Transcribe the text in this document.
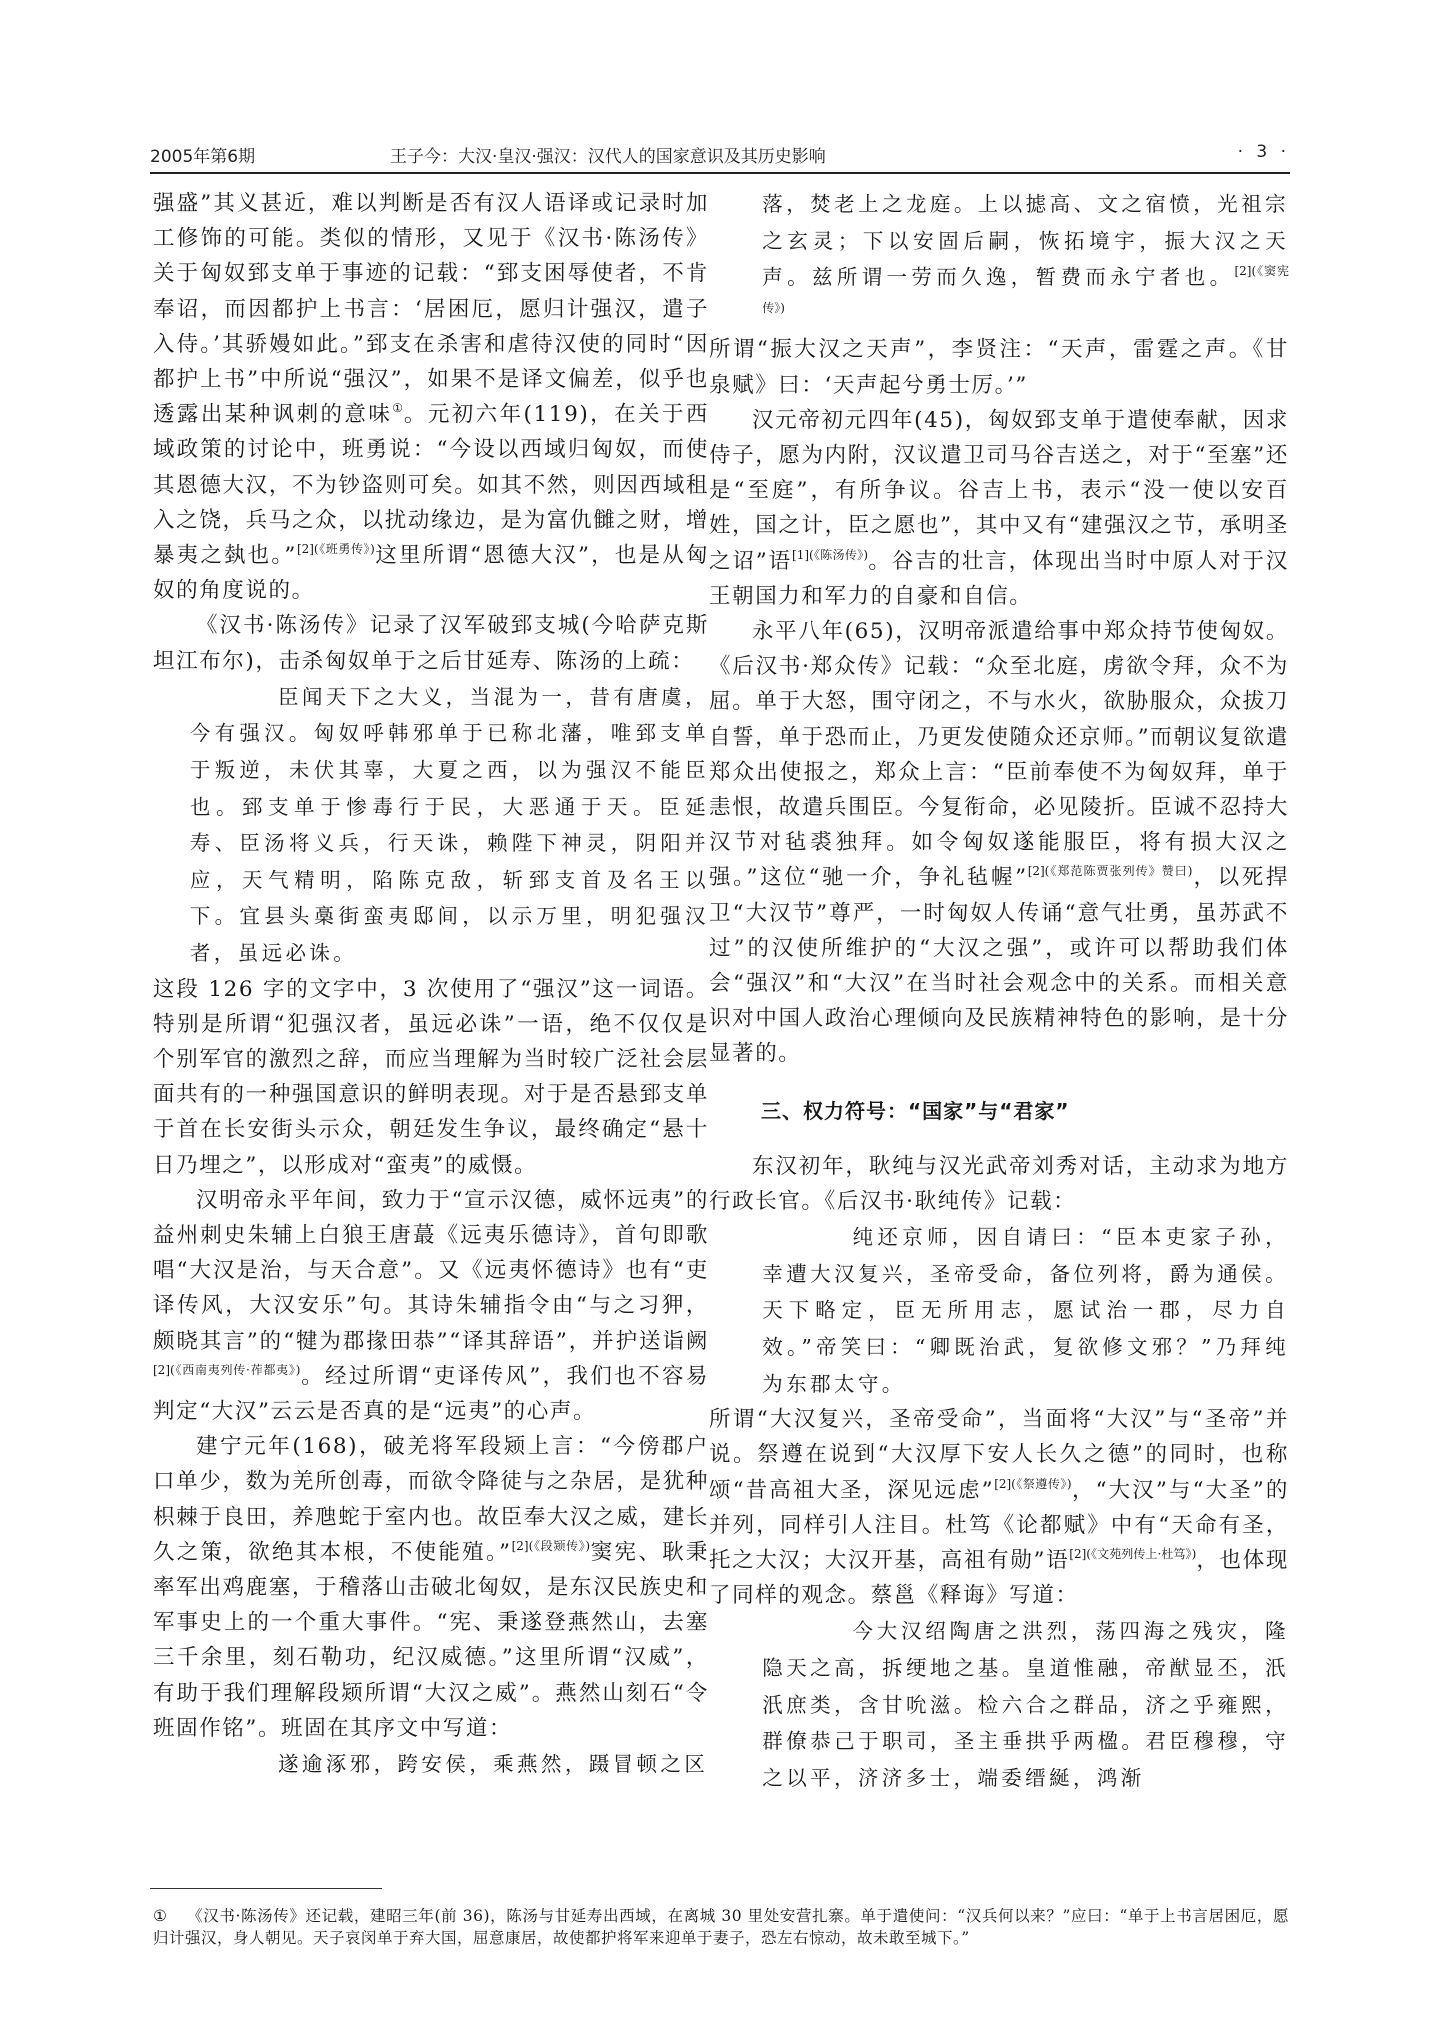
2005年第6期	王子今：大汉·皇汉·强汉：汉代人的国家意识及其历史影响	· 3 ·

强盛”其义甚近，难以判断是否有汉人语译或记录时加工修饰的可能。类似的情形，又见于《汉书·陈汤传》关于匈奴郅支单于事迹的记载：“郅支困辱使者，不肯奉诏，而因都护上书言：‘居困厄，愿归计强汉，遣子入侍。’其骄嫚如此。”郅支在杀害和虐待汉使的同时“因都护上书”中所说“强汉”，如果不是译文偏差，似乎也透露出某种讽刺的意味①。元初六年(119)，在关于西域政策的讨论中，班勇说：“今设以西域归匈奴，而使其恩德大汉，不为钞盗则可矣。如其不然，则因西域租入之饶，兵马之众，以扰动缘边，是为富仇雠之财，增暴夷之埶也。”$^{[2](《班勇传》)}$这里所谓“恩德大汉”，也是从匈奴的角度说的。

《汉书·陈汤传》记录了汉军破郅支城(今哈萨克斯坦江布尔)，击杀匈奴单于之后甘延寿、陈汤的上疏：

臣闻天下之大义，当混为一，昔有唐虞，今有强汉。匈奴呼韩邪单于已称北藩，唯郅支单于叛逆，未伏其辜，大夏之西，以为强汉不能臣也。郅支单于惨毒行于民，大恶通于天。臣延寿、臣汤将义兵，行天诛，赖陛下神灵，阴阳并应，天气精明，陷陈克敌，斩郅支首及名王以下。宜县头槀街蛮夷邸间，以示万里，明犯强汉者，虽远必诛。

这段 126 字的文字中，3 次使用了“强汉”这一词语。特别是所谓“犯强汉者，虽远必诛”一语，绝不仅仅是个别军官的激烈之辞，而应当理解为当时较广泛社会层面共有的一种强国意识的鲜明表现。对于是否悬郅支单于首在长安街头示众，朝廷发生争议，最终确定“悬十日乃埋之”，以形成对“蛮夷”的威慑。

汉明帝永平年间，致力于“宣示汉德，威怀远夷”的益州刺史朱辅上白狼王唐蕞《远夷乐德诗》，首句即歌唱“大汉是治，与天合意”。又《远夷怀德诗》也有“吏译传风，大汉安乐”句。其诗朱辅指令由“与之习狎，颇晓其言”的“犍为郡掾田恭”“译其辞语”，并护送诣阙$^{[2](《西南夷列传\cdot 莋都夷》)}$。经过所谓“吏译传风”，我们也不容易判定“大汉”云云是否真的是“远夷”的心声。

建宁元年(168)，破羌将军段颎上言：“今傍郡户口单少，数为羌所创毒，而欲令降徒与之杂居，是犹种枳棘于良田，养虺蛇于室内也。故臣奉大汉之威，建长久之策，欲绝其本根，不使能殖。”$^{[2](《段颎传》)}$窦宪、耿秉率军出鸡鹿塞，于稽落山击破北匈奴，是东汉民族史和军事史上的一个重大事件。“宪、秉遂登燕然山，去塞三千余里，刻石勒功，纪汉威德。”这里所谓“汉威”，有助于我们理解段颎所谓“大汉之威”。燕然山刻石“令班固作铭”。班固在其序文中写道：

遂逾涿邪，跨安侯，乘燕然，蹑冒顿之区

落，焚老上之龙庭。上以摅高、文之宿愤，光祖宗之玄灵；下以安固后嗣，恢拓境宇，振大汉之天声。兹所谓一劳而久逸，暂费而永宁者也。$^{[2](《窦宪传》)}$

所谓“振大汉之天声”，李贤注：“天声，雷霆之声。《甘泉赋》曰：‘天声起兮勇士厉。’”

汉元帝初元四年(45)，匈奴郅支单于遣使奉献，因求侍子，愿为内附，汉议遣卫司马谷吉送之，对于“至塞”还是“至庭”，有所争议。谷吉上书，表示“没一使以安百姓，国之计，臣之愿也”，其中又有“建强汉之节，承明圣之诏”语$^{[1](《陈汤传》)}$。谷吉的壮言，体现出当时中原人对于汉王朝国力和军力的自豪和自信。

永平八年(65)，汉明帝派遣给事中郑众持节使匈奴。《后汉书·郑众传》记载：“众至北庭，虏欲令拜，众不为屈。单于大怒，围守闭之，不与水火，欲胁服众，众拔刀自誓，单于恐而止，乃更发使随众还京师。”而朝议复欲遣郑众出使报之，郑众上言：“臣前奉使不为匈奴拜，单于恚恨，故遣兵围臣。今复衔命，必见陵折。臣诚不忍持大汉节对毡裘独拜。如令匈奴遂能服臣，将有损大汉之强。”这位“驰一介，争礼毡幄”$^{[2](《郑范陈贾张列传》赞曰)}$，以死捍卫“大汉节”尊严，一时匈奴人传诵“意气壮勇，虽苏武不过”的汉使所维护的“大汉之强”，或许可以帮助我们体会“强汉”和“大汉”在当时社会观念中的关系。而相关意识对中国人政治心理倾向及民族精神特色的影响，是十分显著的。

三、权力符号：“国家”与“君家”

东汉初年，耿纯与汉光武帝刘秀对话，主动求为地方行政长官。《后汉书·耿纯传》记载：

纯还京师，因自请曰：“臣本吏家子孙，幸遭大汉复兴，圣帝受命，备位列将，爵为通侯。天下略定，臣无所用志，愿试治一郡，尽力自效。”帝笑曰：“卿既治武，复欲修文邪？”乃拜纯为东郡太守。

所谓“大汉复兴，圣帝受命”，当面将“大汉”与“圣帝”并说。祭遵在说到“大汉厚下安人长久之德”的同时，也称颂“昔高祖大圣，深见远虑”$^{[2](《祭遵传》)}$，“大汉”与“大圣”的并列，同样引人注目。杜笃《论都赋》中有“天命有圣，托之大汉；大汉开基，高祖有勋”语$^{[2](《文苑列传上\cdot 杜笃》)}$，也体现了同样的观念。蔡邕《释诲》写道：

今大汉绍陶唐之洪烈，荡四海之残灾，隆隐天之高，拆绠地之基。皇道惟融，帝猷显丕，汦汦庶类，含甘吮滋。检六合之群品，济之乎雍熙，群僚恭己于职司，圣主垂拱乎两楹。君臣穆穆，守之以平，济济多士，端委缙綖，鸿渐

① 《汉书·陈汤传》还记载，建昭三年(前 36)，陈汤与甘延寿出西域，在离城 30 里处安营扎寨。单于遣使问：“汉兵何以来？”应曰：“单于上书言居困厄，愿归计强汉，身人朝见。天子哀闵单于弃大国，屈意康居，故使都护将军来迎单于妻子，恐左右惊动，故未敢至城下。”
